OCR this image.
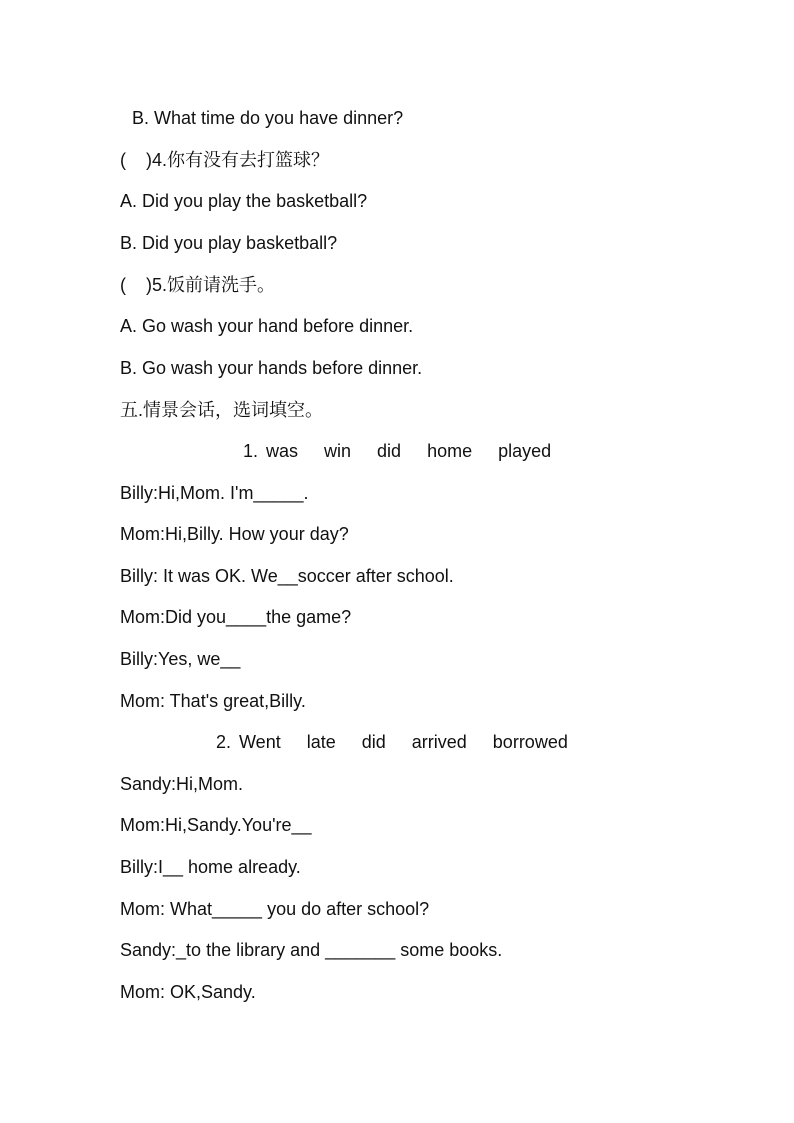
B. What time do you have dinner?
(    )4.你有没有去打篮球？
A. Did you play the basketball?
B. Did you play basketball?
(    )5.饭前请洗手。
A. Go wash your hand before dinner.
B. Go wash your hands before dinner.
五.情景会话，选词填空。
1. was win did home played
Billy:Hi,Mom. I'm_____.
Mom:Hi,Billy. How your day?
Billy: It was OK. We__soccer after school.
Mom:Did you____the game?
Billy:Yes, we__
Mom: That's great,Billy.
2. Went late did arrived borrowed
Sandy:Hi,Mom.
Mom:Hi,Sandy.You're__
Billy:I__ home already.
Mom: What_____ you do after school?
Sandy:_to the library and _______ some books.
Mom: OK,Sandy.
